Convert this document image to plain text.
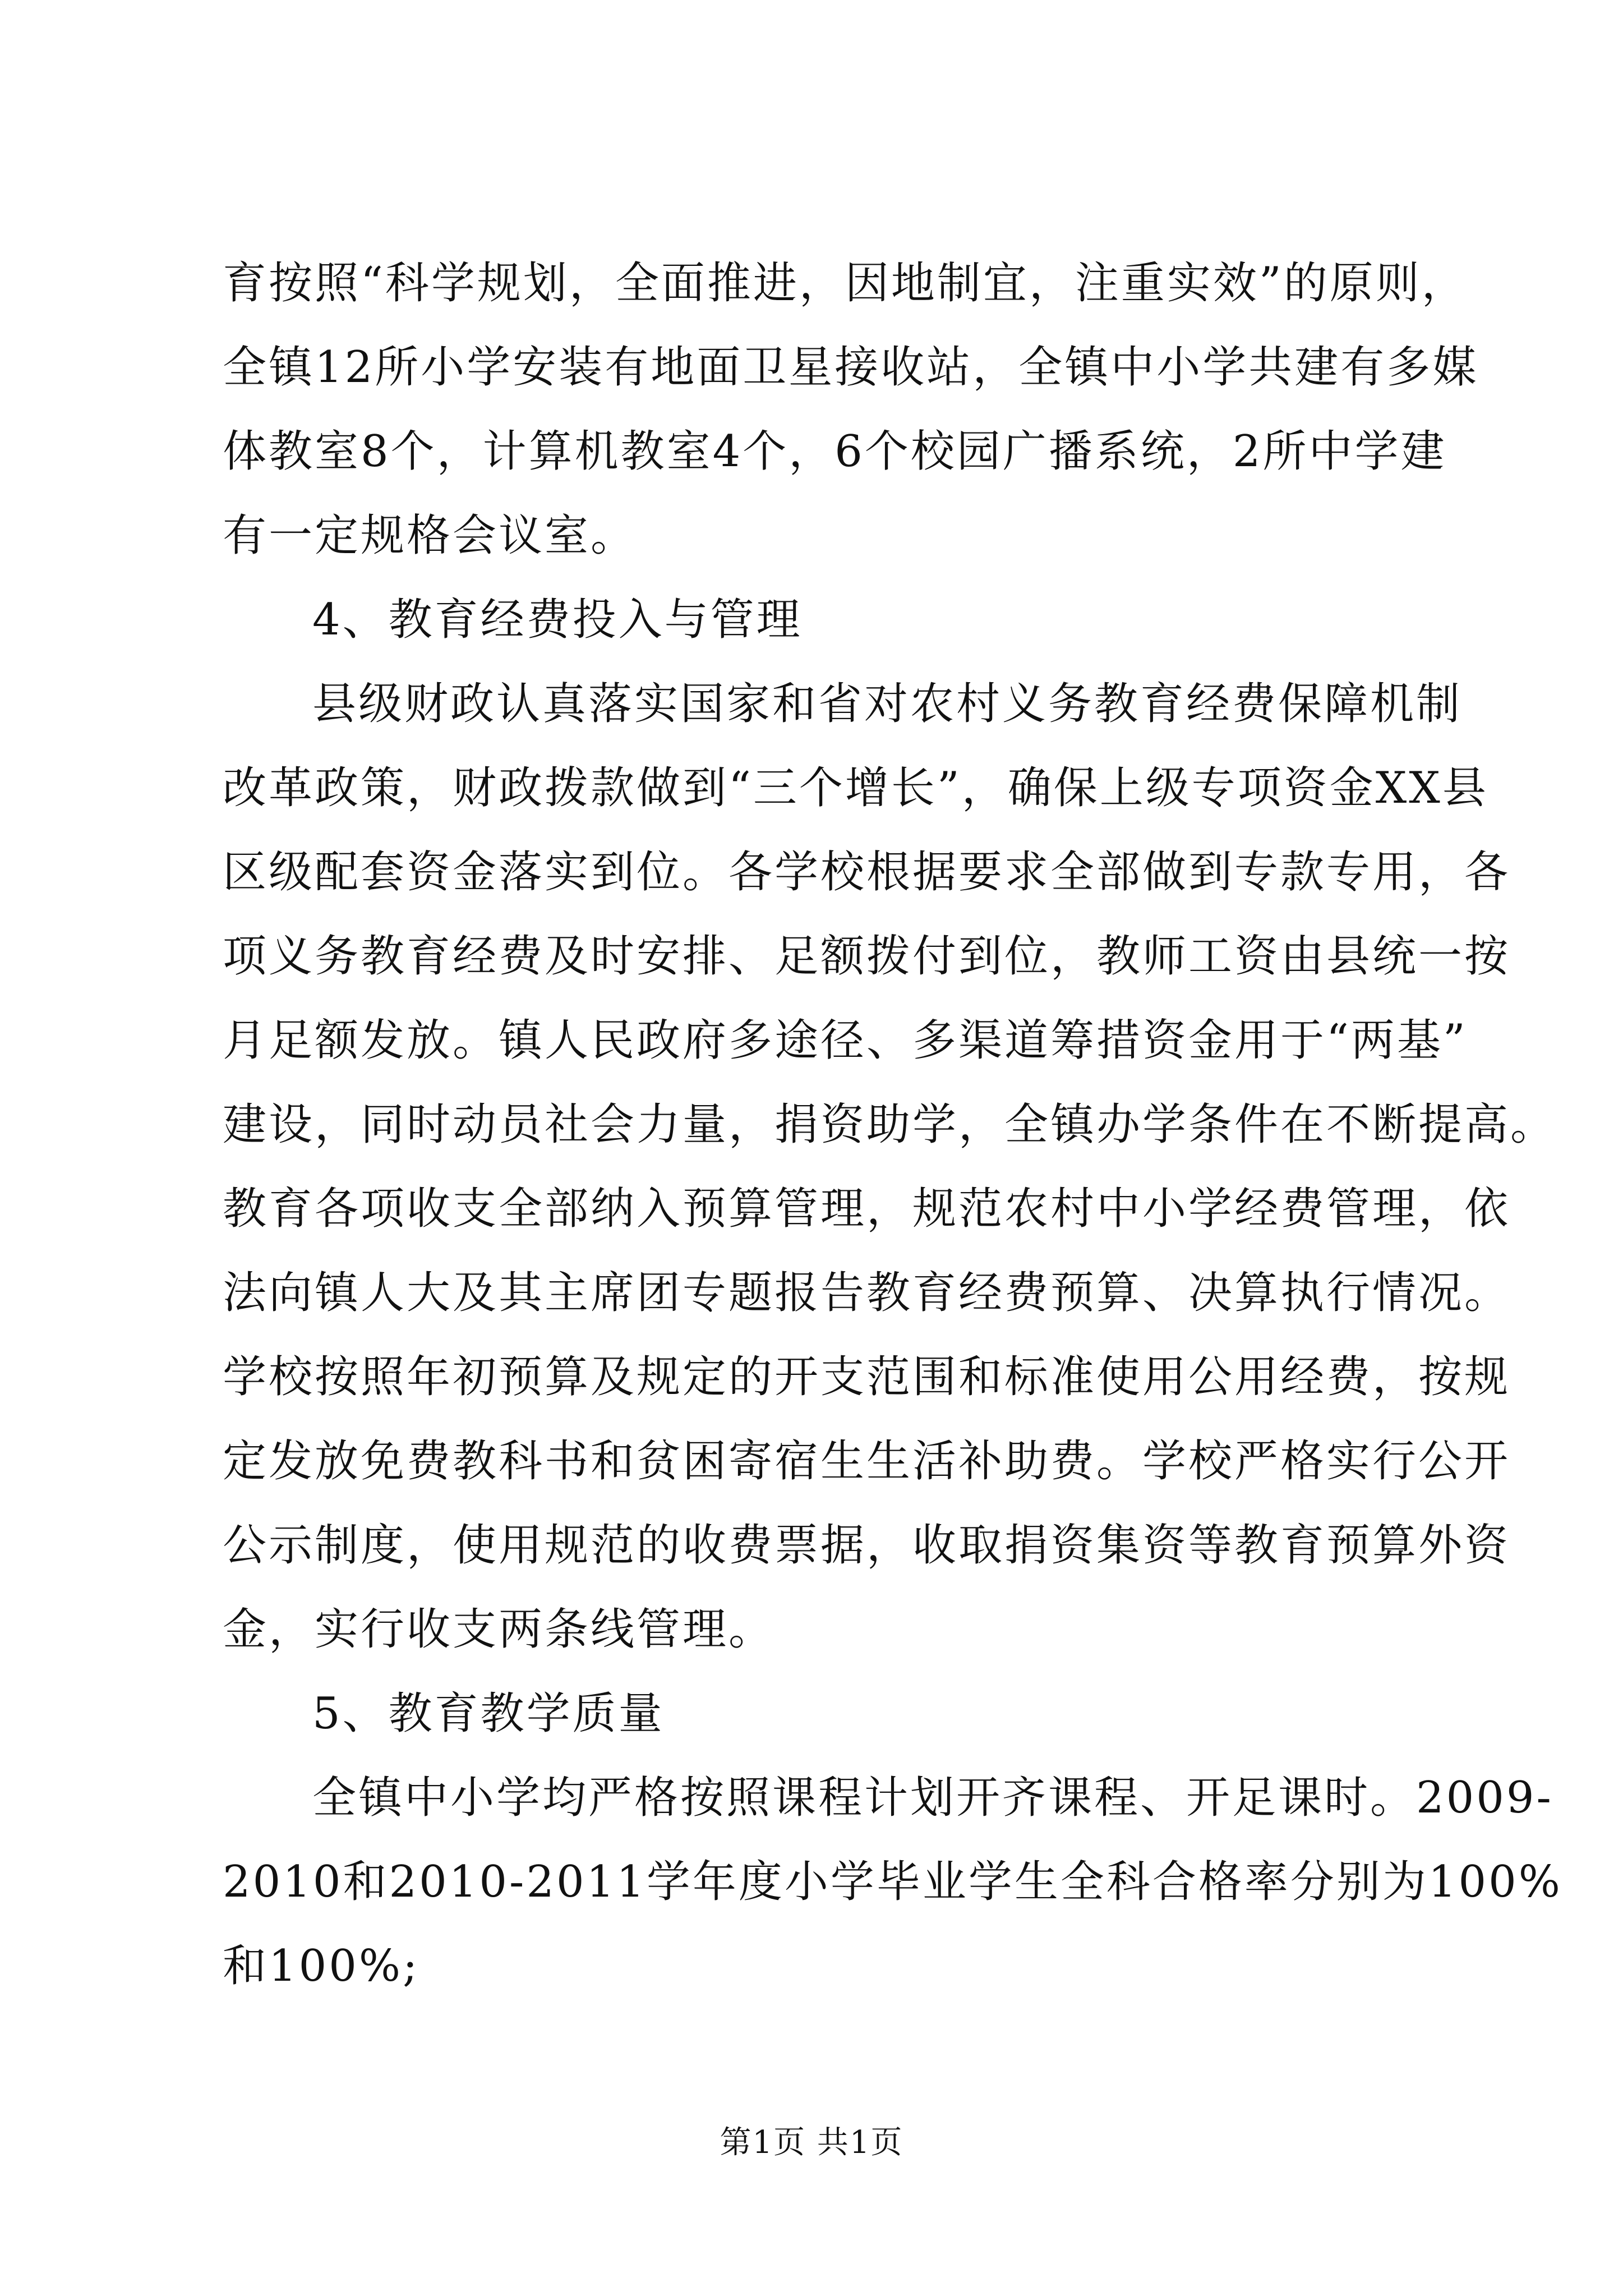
育按照“科学规划，全面推进，因地制宜，注重实效”的原则，
全镇12所小学安装有地面卫星接收站，全镇中小学共建有多媒
体教室8个，计算机教室4个，6个校园广播系统，2所中学建
有一定规格会议室。
4、教育经费投入与管理
县级财政认真落实国家和省对农村义务教育经费保障机制
改革政策，财政拨款做到“三个增长”，确保上级专项资金XX县
区级配套资金落实到位。各学校根据要求全部做到专款专用，各
项义务教育经费及时安排、足额拨付到位，教师工资由县统一按
月足额发放。镇人民政府多途径、多渠道筹措资金用于“两基”
建设，同时动员社会力量，捐资助学，全镇办学条件在不断提高。
教育各项收支全部纳入预算管理，规范农村中小学经费管理，依
法向镇人大及其主席团专题报告教育经费预算、决算执行情况。
学校按照年初预算及规定的开支范围和标准使用公用经费，按规
定发放免费教科书和贫困寄宿生生活补助费。学校严格实行公开
公示制度，使用规范的收费票据，收取捐资集资等教育预算外资
金，实行收支两条线管理。
5、教育教学质量
全镇中小学均严格按照课程计划开齐课程、开足课时。2009-
2010和2010-2011学年度小学毕业学生全科合格率分别为100%
和100%;
第1页 共1页
